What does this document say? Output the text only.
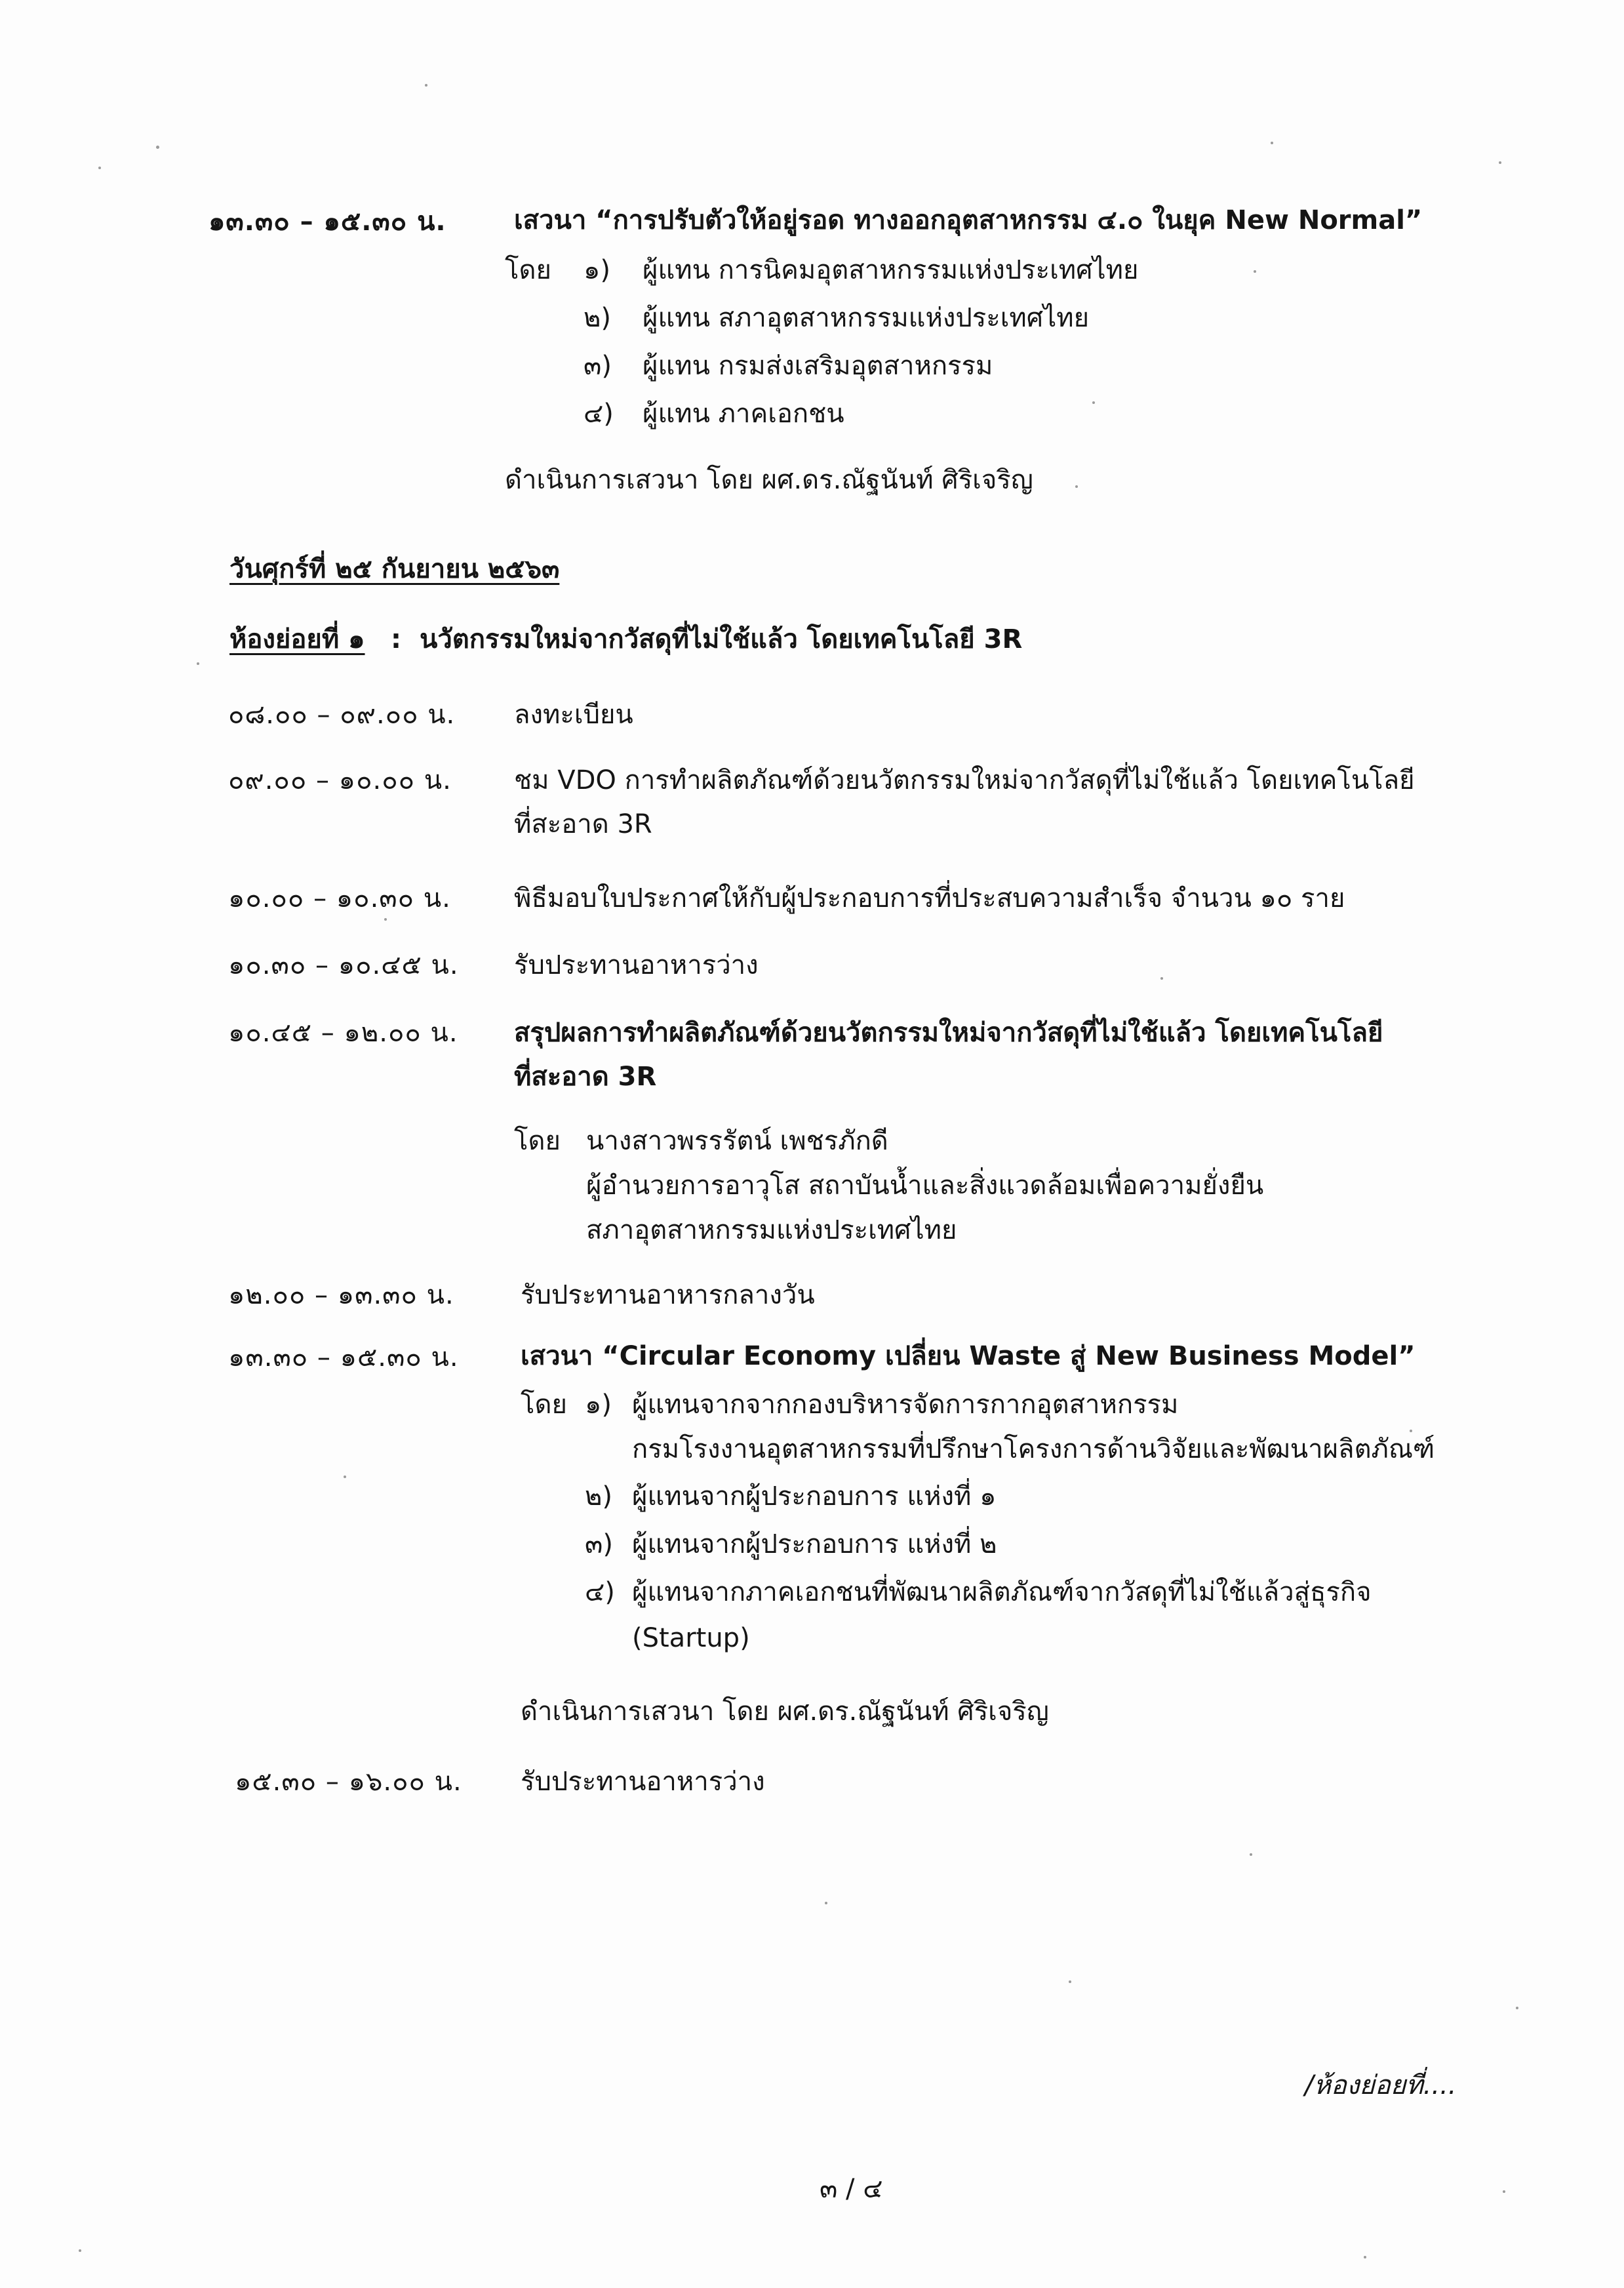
๑๓.๓๐ – ๑๕.๓๐ น.	เสวนา “การปรับตัวให้อยู่รอด ทางออกอุตสาหกรรม ๔.๐ ในยุค New Normal”
โดย ๑) ผู้แทน การนิคมอุตสาหกรรมแห่งประเทศไทย
๒) ผู้แทน สภาอุตสาหกรรมแห่งประเทศไทย
๓) ผู้แทน กรมส่งเสริมอุตสาหกรรม
๔) ผู้แทน ภาคเอกชน
ดำเนินการเสวนา โดย ผศ.ดร.ณัฐนันท์ ศิริเจริญ
วันศุกร์ที่ ๒๕ กันยายน ๒๕๖๓
ห้องย่อยที่ ๑ : นวัตกรรมใหม่จากวัสดุที่ไม่ใช้แล้ว โดยเทคโนโลยี 3R
๐๘.๐๐ – ๐๙.๐๐ น. ลงทะเบียน
๐๙.๐๐ – ๑๐.๐๐ น. ชม VDO การทำผลิตภัณฑ์ด้วยนวัตกรรมใหม่จากวัสดุที่ไม่ใช้แล้ว โดยเทคโนโลยี
ที่สะอาด 3R
๑๐.๐๐ – ๑๐.๓๐ น. พิธีมอบใบประกาศให้กับผู้ประกอบการที่ประสบความสำเร็จ จำนวน ๑๐ ราย
๑๐.๓๐ – ๑๐.๔๕ น. รับประทานอาหารว่าง
๑๐.๔๕ – ๑๒.๐๐ น. สรุปผลการทำผลิตภัณฑ์ด้วยนวัตกรรมใหม่จากวัสดุที่ไม่ใช้แล้ว โดยเทคโนโลยี
ที่สะอาด 3R
โดย นางสาวพรรรัตน์ เพชรภักดี
ผู้อำนวยการอาวุโส สถาบันน้ำและสิ่งแวดล้อมเพื่อความยั่งยืน
สภาอุตสาหกรรมแห่งประเทศไทย
๑๒.๐๐ – ๑๓.๓๐ น.	รับประทานอาหารกลางวัน
๑๓.๓๐ – ๑๕.๓๐ น. เสวนา “Circular Economy เปลี่ยน Waste สู่ New Business Model”
โดย ๑) ผู้แทนจากจากกองบริหารจัดการกากอุตสาหกรรม
กรมโรงงานอุตสาหกรรมที่ปรึกษาโครงการด้านวิจัยและพัฒนาผลิตภัณฑ์
๒) ผู้แทนจากผู้ประกอบการ แห่งที่ ๑
๓) ผู้แทนจากผู้ประกอบการ แห่งที่ ๒
๔) ผู้แทนจากภาคเอกชนที่พัฒนาผลิตภัณฑ์จากวัสดุที่ไม่ใช้แล้วสู่ธุรกิจ
(Startup)
ดำเนินการเสวนา โดย ผศ.ดร.ณัฐนันท์ ศิริเจริญ
๑๕.๓๐ – ๑๖.๐๐ น. รับประทานอาหารว่าง
/ห้องย่อยที่....
๓ / ๔
